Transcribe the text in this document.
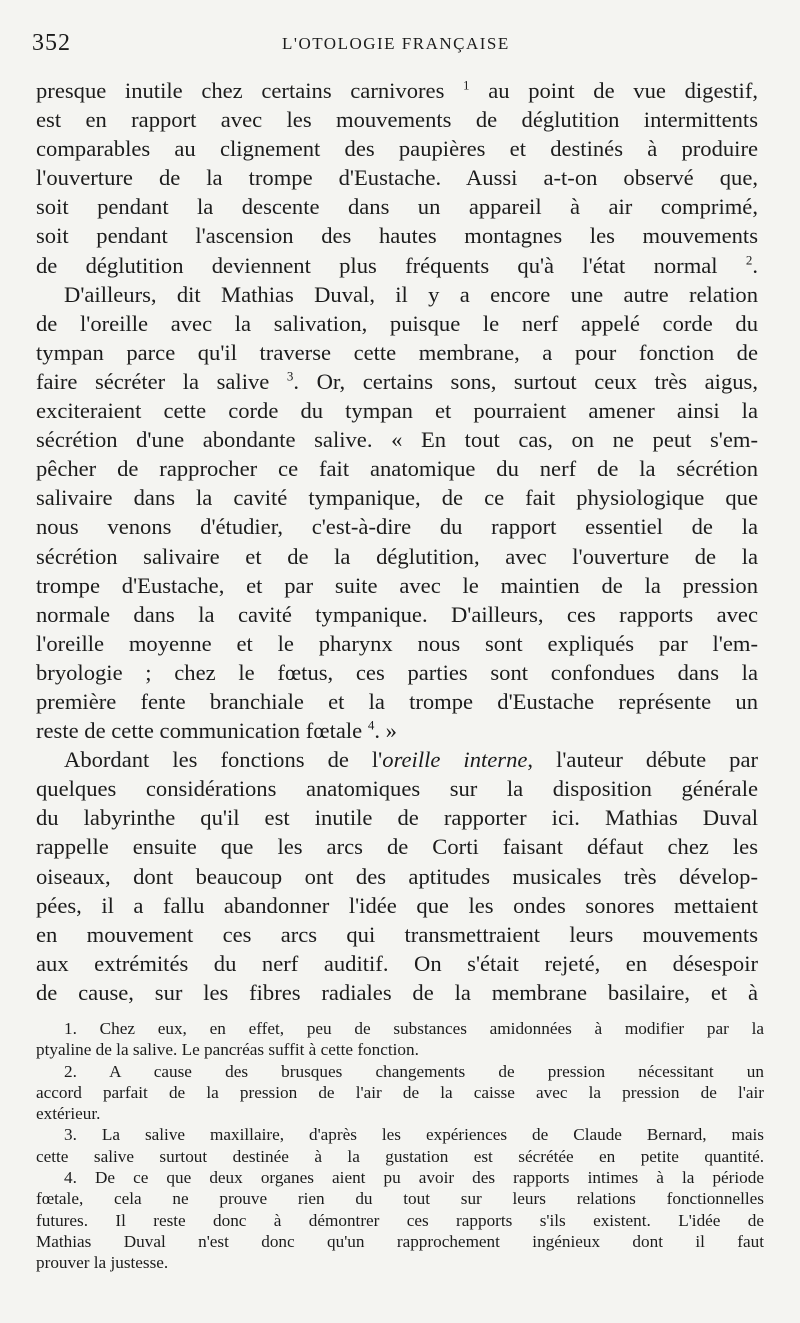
352	L'OTOLOGIE FRANÇAISE
presque inutile chez certains carnivores $^1$ au point de vue digestif,
est en rapport avec les mouvements de déglutition intermittents
comparables au clignement des paupières et destinés à produire
l'ouverture de la trompe d'Eustache. Aussi a-t-on observé que,
soit pendant la descente dans un appareil à air comprimé,
soit pendant l'ascension des hautes montagnes les mouvements
de déglutition deviennent plus fréquents qu'à l'état normal $^2$.
D'ailleurs, dit Mathias Duval, il y a encore une autre relation
de l'oreille avec la salivation, puisque le nerf appelé corde du
tympan parce qu'il traverse cette membrane, a pour fonction de
faire sécréter la salive $^3$. Or, certains sons, surtout ceux très aigus,
exciteraient cette corde du tympan et pourraient amener ainsi la
sécrétion d'une abondante salive. « En tout cas, on ne peut s'em-
pêcher de rapprocher ce fait anatomique du nerf de la sécrétion
salivaire dans la cavité tympanique, de ce fait physiologique que
nous venons d'étudier, c'est-à-dire du rapport essentiel de la
sécrétion salivaire et de la déglutition, avec l'ouverture de la
trompe d'Eustache, et par suite avec le maintien de la pression
normale dans la cavité tympanique. D'ailleurs, ces rapports avec
l'oreille moyenne et le pharynx nous sont expliqués par l'em-
bryologie ; chez le fœtus, ces parties sont confondues dans la
première fente branchiale et la trompe d'Eustache représente un
reste de cette communication fœtale $^4$. »
Abordant les fonctions de l'oreille interne, l'auteur débute par
quelques considérations anatomiques sur la disposition générale
du labyrinthe qu'il est inutile de rapporter ici. Mathias Duval
rappelle ensuite que les arcs de Corti faisant défaut chez les
oiseaux, dont beaucoup ont des aptitudes musicales très dévelop-
pées, il a fallu abandonner l'idée que les ondes sonores mettaient
en mouvement ces arcs qui transmettraient leurs mouvements
aux extrémités du nerf auditif. On s'était rejeté, en désespoir
de cause, sur les fibres radiales de la membrane basilaire, et à
1. Chez eux, en effet, peu de substances amidonnées à modifier par la
ptyaline de la salive. Le pancréas suffit à cette fonction.
2. A cause des brusques changements de pression nécessitant un
accord parfait de la pression de l'air de la caisse avec la pression de l'air
extérieur.
3. La salive maxillaire, d'après les expériences de Claude Bernard, mais
cette salive surtout destinée à la gustation est sécrétée en petite quantité.
4. De ce que deux organes aient pu avoir des rapports intimes à la période
fœtale, cela ne prouve rien du tout sur leurs relations fonctionnelles
futures. Il reste donc à démontrer ces rapports s'ils existent. L'idée de
Mathias Duval n'est donc qu'un rapprochement ingénieux dont il faut
prouver la justesse.
